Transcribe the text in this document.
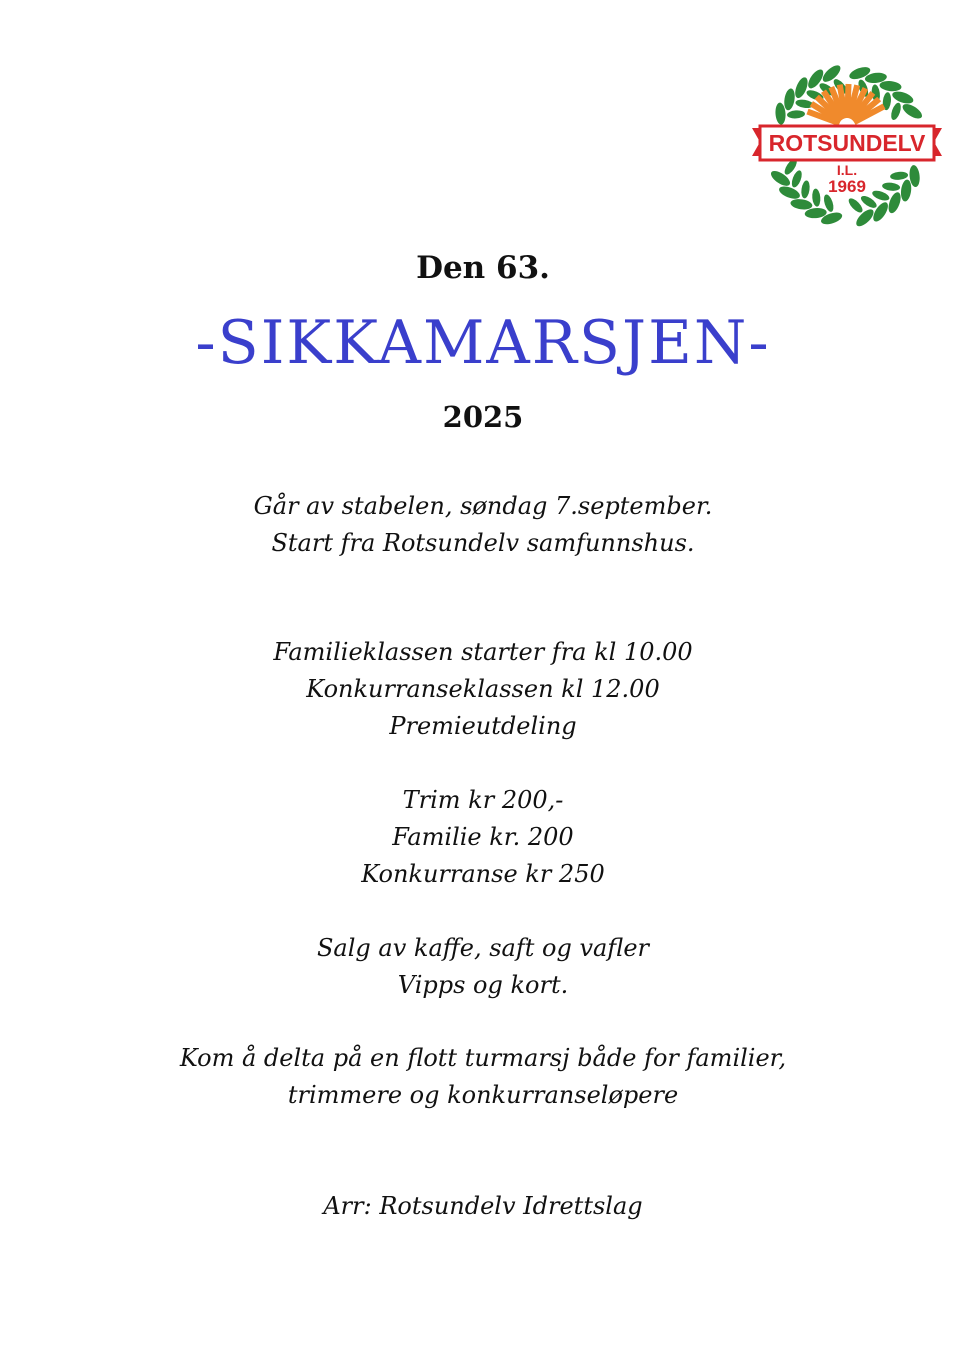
ROTSUNDELV
I.L.
1969
Den 63.
-SIKKAMARSJEN-
2025
Går av stabelen, søndag 7.september.
Start fra Rotsundelv samfunnshus.
Familieklassen starter fra kl 10.00
Konkurranseklassen kl 12.00
Premieutdeling
Trim kr 200,-
Familie kr. 200
Konkurranse kr 250
Salg av kaffe, saft og vafler
Vipps og kort.
Kom å delta på en flott turmarsj både for familier,
trimmere og konkurranseløpere
Arr: Rotsundelv Idrettslag
